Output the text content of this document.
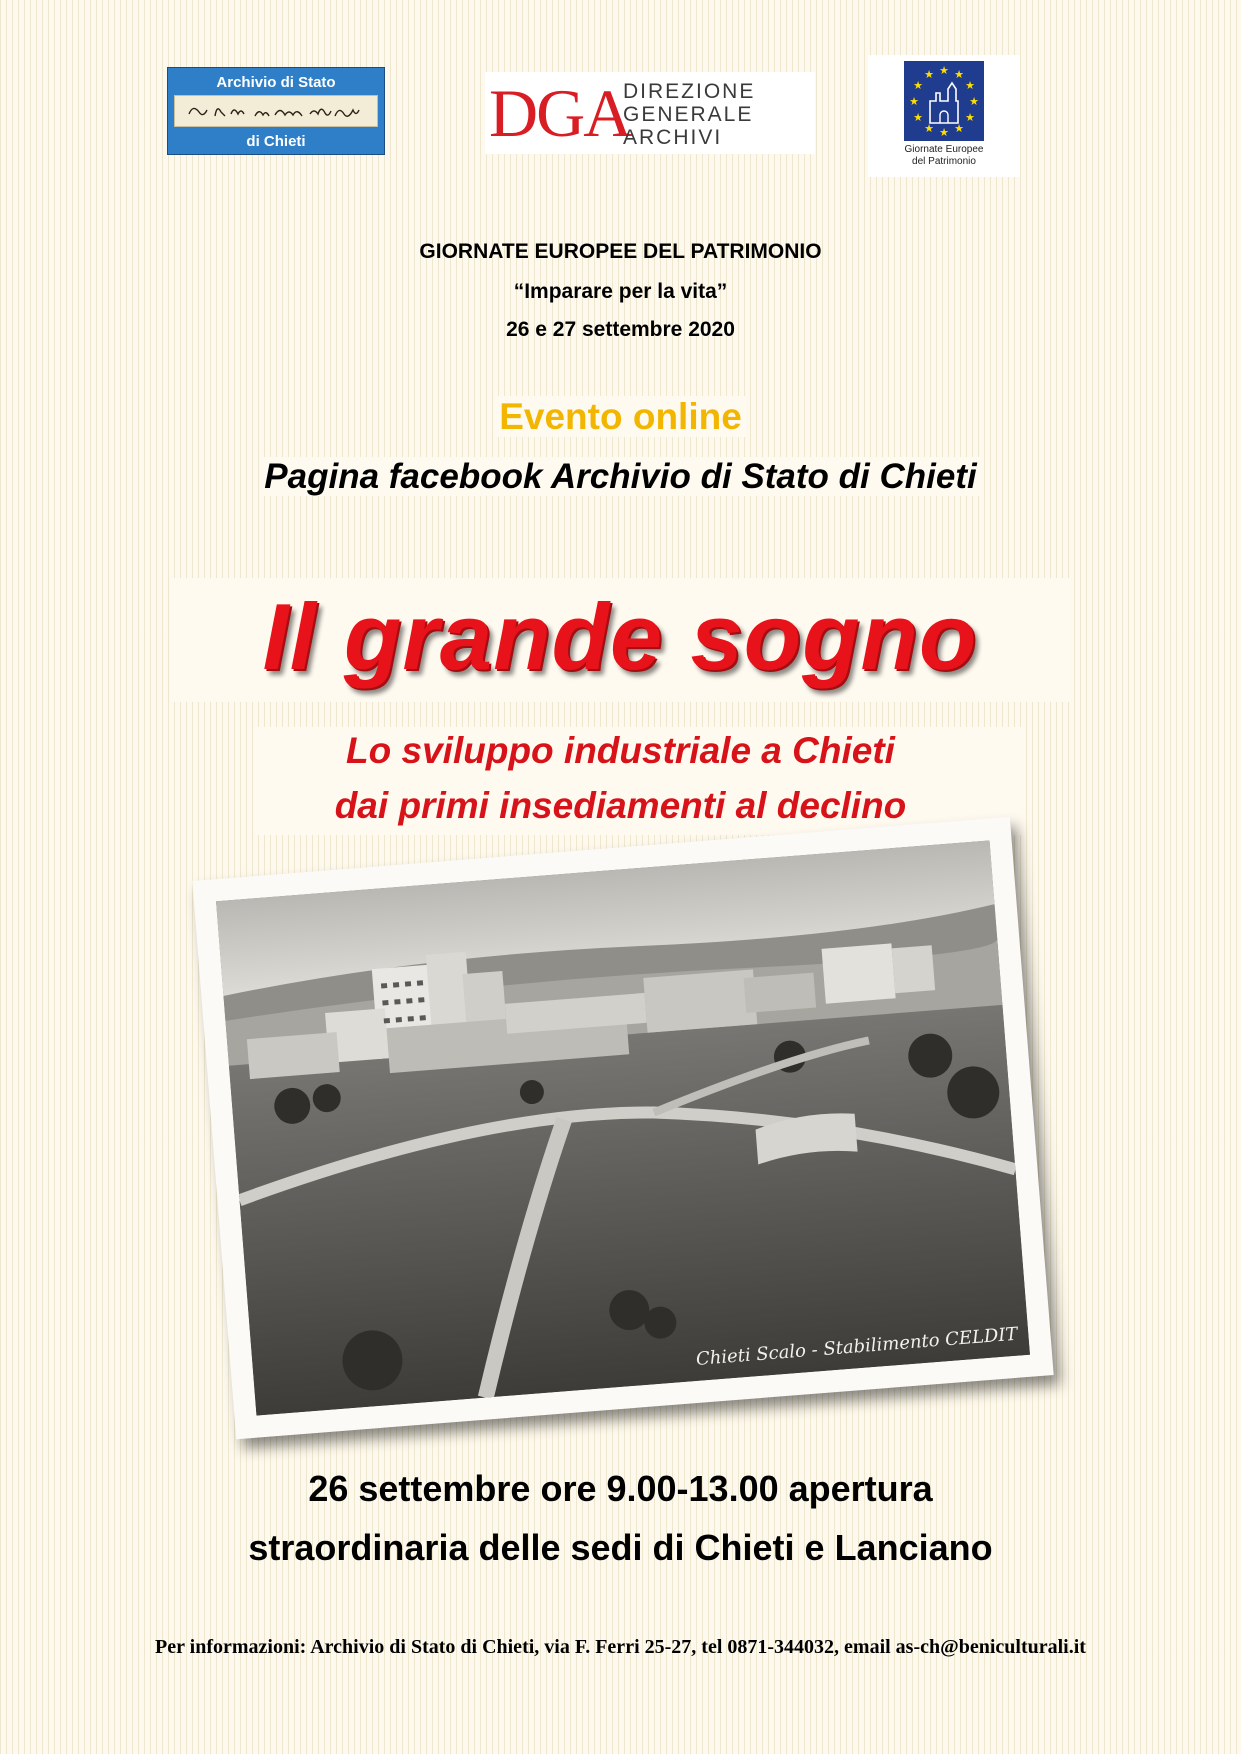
Archivio di Stato
di Chieti	DGA
DIREZIONE
GENERALE
ARCHIVI
★ ★
★
★
★
★
★
★
★
★
★
★
Giornate Europee
del Patrimonio
GIORNATE EUROPEE DEL PATRIMONIO
“Imparare per la vita”
26 e 27 settembre 2020
Evento online
Pagina facebook Archivio di Stato di Chieti
Il grande sogno
Lo sviluppo industriale a Chieti
dai primi insediamenti al declino
Chieti Scalo - Stabilimento CELDIT
26 settembre ore 9.00-13.00 apertura
straordinaria delle sedi di Chieti e Lanciano
Per informazioni: Archivio di Stato di Chieti, via F. Ferri 25-27, tel 0871-344032, email as-ch@beniculturali.it
